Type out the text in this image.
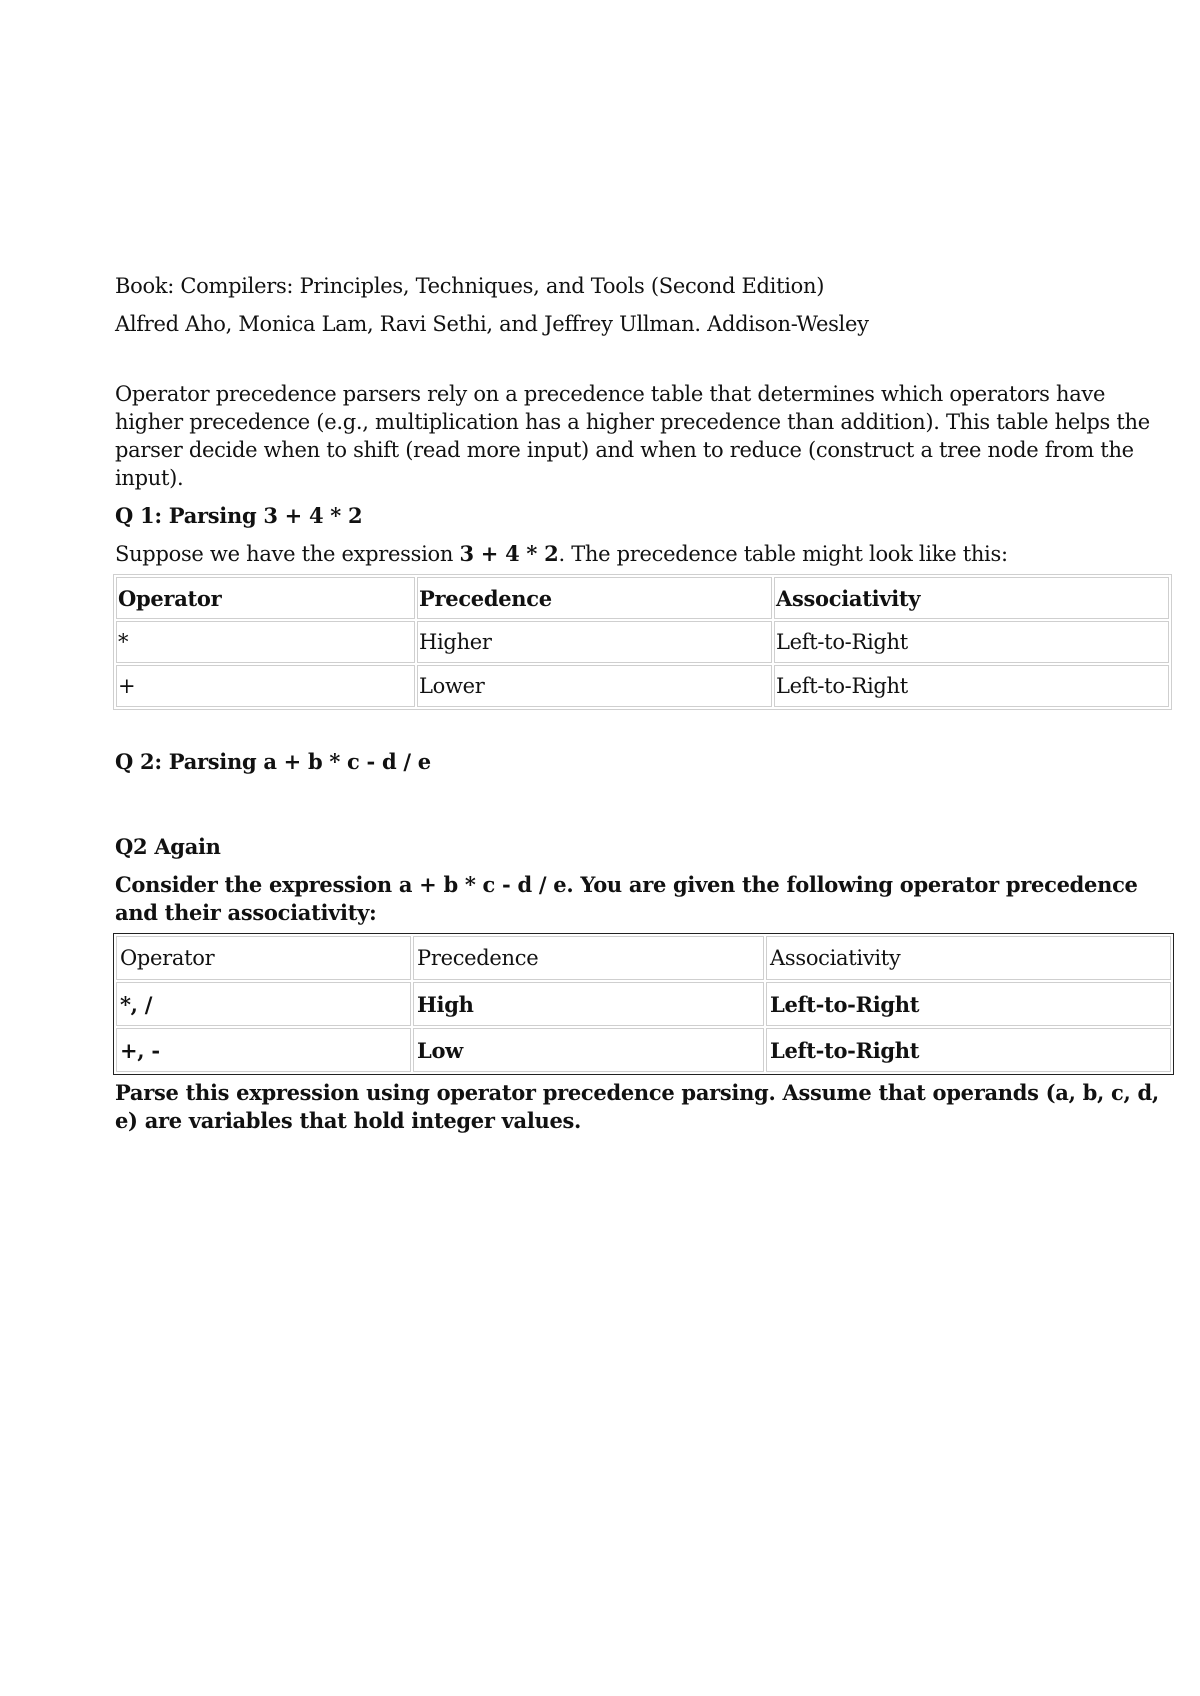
Book: Compilers: Principles, Techniques, and Tools (Second Edition)

Alfred Aho, Monica Lam, Ravi Sethi, and Jeffrey Ullman. Addison-Wesley

Operator precedence parsers rely on a precedence table that determines which operators have higher precedence (e.g., multiplication has a higher precedence than addition). This table helps the parser decide when to shift (read more input) and when to reduce (construct a tree node from the input).

Q 1: Parsing 3 + 4 * 2

Suppose we have the expression 3 + 4 * 2. The precedence table might look like this:

Operator	Precedence	Associativity
*	Higher	Left-to-Right
+	Lower	Left-to-Right

Q 2: Parsing a + b * c - d / e

Q2 Again

Consider the expression a + b * c - d / e. You are given the following operator precedence and their associativity:

Operator	Precedence	Associativity
*, /	High	Left-to-Right
+, -	Low	Left-to-Right

Parse this expression using operator precedence parsing. Assume that operands (a, b, c, d, e) are variables that hold integer values.
